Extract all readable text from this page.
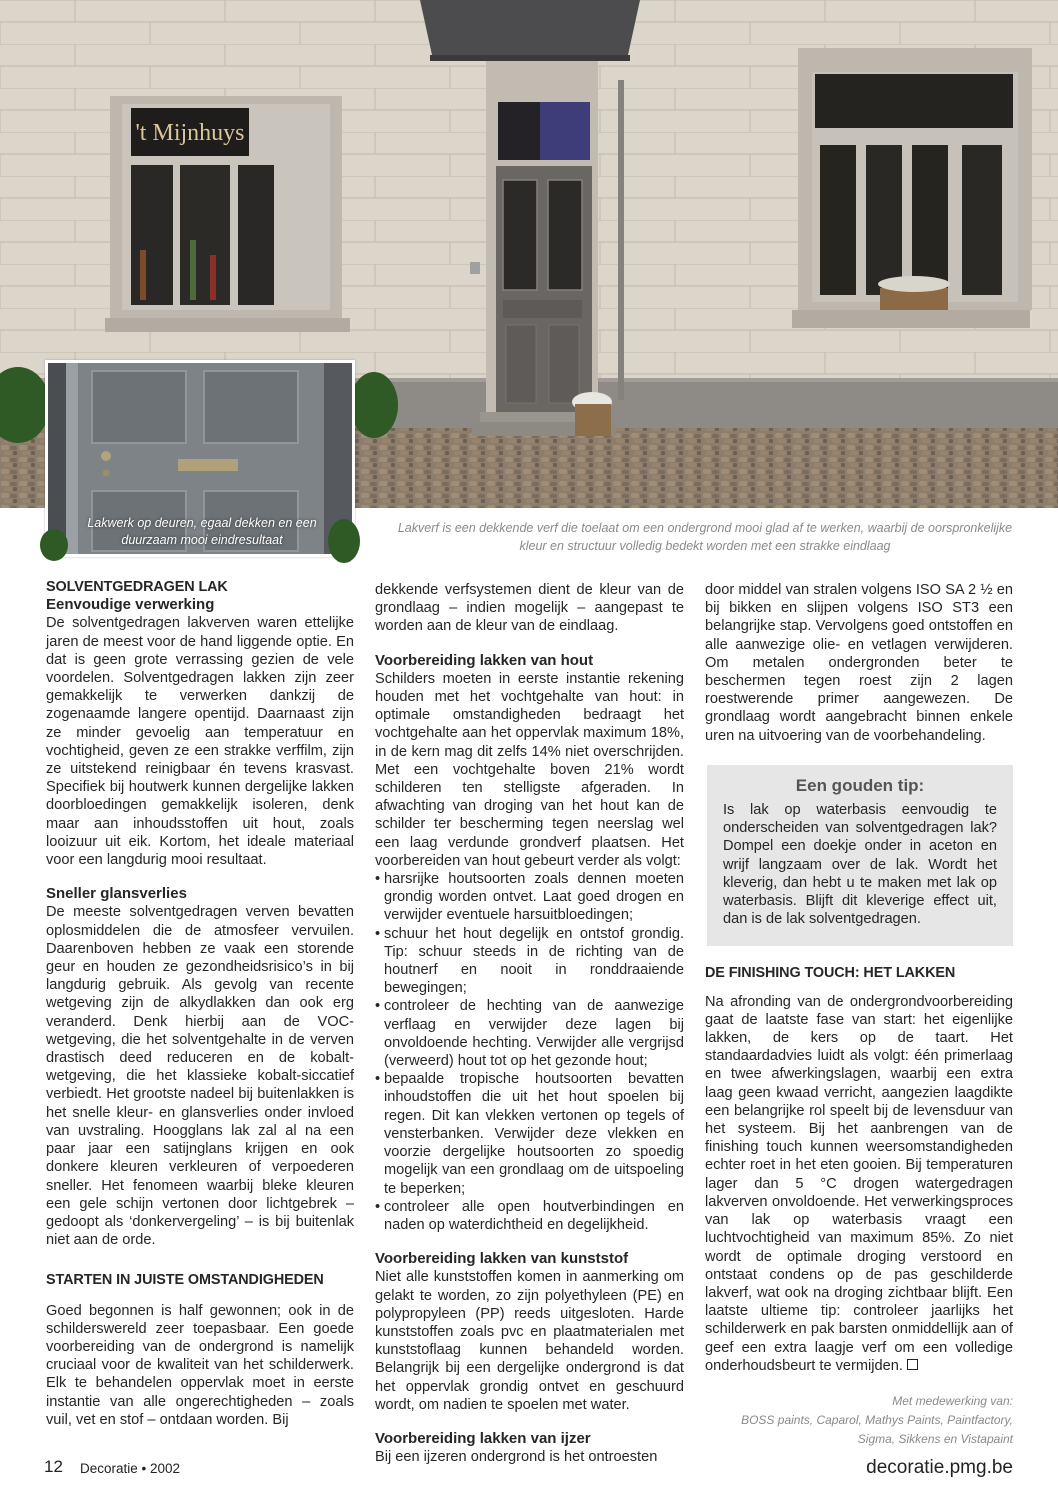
't Mijnhuys
Lakwerk op deuren, egaal dekken en een duurzaam mooi eindresultaat
Lakverf is een dekkende verf die toelaat om een ondergrond mooi glad af te werken, waarbij de oorspronkelijke kleur en structuur volledig bedekt worden met een strakke eindlaag

SOLVENTGEDRAGEN LAK

Eenvoudige verwerking

De solventgedragen lakverven waren ettelijke jaren de meest voor de hand liggende optie. En dat is geen grote verrassing gezien de vele voordelen. Solventgedragen lakken zijn zeer gemakkelijk te verwerken dankzij de zogenaamde langere opentijd. Daarnaast zijn ze minder gevoelig aan temperatuur en vochtigheid, geven ze een strakke verffilm, zijn ze uitstekend reinigbaar én tevens krasvast. Specifiek bij houtwerk kunnen dergelijke lakken doorbloedingen gemakkelijk isoleren, denk maar aan inhoudsstoffen uit hout, zoals looizuur uit eik. Kortom, het ideale materiaal voor een langdurig mooi resultaat.

Sneller glansverlies

De meeste solventgedragen verven bevatten oplosmiddelen die de atmosfeer vervuilen. Daarenboven hebben ze vaak een storende geur en houden ze gezondheidsrisico’s in bij langdurig gebruik. Als gevolg van recente wetgeving zijn de alkydlakken dan ook erg veranderd. Denk hierbij aan de VOC-wetgeving, die het solventgehalte in de verven drastisch deed reduceren en de kobalt-wetgeving, die het klassieke kobalt-siccatief verbiedt. Het grootste nadeel bij buitenlakken is het snelle kleur- en glansverlies onder invloed van uvstraling. Hoogglans lak zal al na een paar jaar een satijnglans krijgen en ook donkere kleuren verkleuren of verpoederen sneller. Het fenomeen waarbij bleke kleuren een gele schijn vertonen door lichtgebrek – gedoopt als ‘donkervergeling’ – is bij buitenlak niet aan de orde.

STARTEN IN JUISTE OMSTANDIGHEDEN

Goed begonnen is half gewonnen; ook in de schilderswereld zeer toepasbaar. Een goede voorbereiding van de ondergrond is namelijk cruciaal voor de kwaliteit van het schilderwerk. Elk te behandelen oppervlak moet in eerste instantie van alle ongerechtigheden – zoals vuil, vet en stof – ontdaan worden. Bij

dekkende verfsystemen dient de kleur van de grondlaag – indien mogelijk – aangepast te worden aan de kleur van de eindlaag.

Voorbereiding lakken van hout

Schilders moeten in eerste instantie rekening houden met het vochtgehalte van hout: in optimale omstandigheden bedraagt het vochtgehalte aan het oppervlak maximum 18%, in de kern mag dit zelfs 14% niet overschrijden. Met een vochtgehalte boven 21% wordt schilderen ten stelligste afgeraden. In afwachting van droging van het hout kan de schilder ter bescherming tegen neerslag wel een laag verdunde grondverf plaatsen. Het voorbereiden van hout gebeurt verder als volgt:

• harsrijke houtsoorten zoals dennen moeten grondig worden ontvet. Laat goed drogen en verwijder eventuele harsuitbloedingen;

• schuur het hout degelijk en ontstof grondig. Tip: schuur steeds in de richting van de houtnerf en nooit in ronddraaiende bewegingen;

• controleer de hechting van de aanwezige verflaag en verwijder deze lagen bij onvoldoende hechting. Verwijder alle vergrijsd (verweerd) hout tot op het gezonde hout;

• bepaalde tropische houtsoorten bevatten inhoudstoffen die uit het hout spoelen bij regen. Dit kan vlekken vertonen op tegels of vensterbanken. Verwijder deze vlekken en voorzie dergelijke houtsoorten zo spoedig mogelijk van een grondlaag om de uitspoeling te beperken;

• controleer alle open houtverbindingen en naden op waterdichtheid en degelijkheid.

Voorbereiding lakken van kunststof

Niet alle kunststoffen komen in aanmerking om gelakt te worden, zo zijn polyethyleen (PE) en polypropyleen (PP) reeds uitgesloten. Harde kunststoffen zoals pvc en plaatmaterialen met kunststoflaag kunnen behandeld worden. Belangrijk bij een dergelijke ondergrond is dat het oppervlak grondig ontvet en geschuurd wordt, om nadien te spoelen met water.

Voorbereiding lakken van ijzer

Bij een ijzeren ondergrond is het ontroesten

door middel van stralen volgens ISO SA 2 ½ en bij bikken en slijpen volgens ISO ST3 een belangrijke stap. Vervolgens goed ontstoffen en alle aanwezige olie- en vetlagen verwijderen. Om metalen ondergronden beter te beschermen tegen roest zijn 2 lagen roestwerende primer aangewezen. De grondlaag wordt aangebracht binnen enkele uren na uitvoering van de voorbehandeling.

Een gouden tip:

Is lak op waterbasis eenvoudig te onderscheiden van solventgedragen lak? Dompel een doekje onder in aceton en wrijf langzaam over de lak. Wordt het kleverig, dan hebt u te maken met lak op waterbasis. Blijft dit kleverige effect uit, dan is de lak solventgedragen.

DE FINISHING TOUCH: HET LAKKEN

Na afronding van de ondergrondvoorbereiding gaat de laatste fase van start: het eigenlijke lakken, de kers op de taart. Het standaardadvies luidt als volgt: één primerlaag en twee afwerkingslagen, waarbij een extra laag geen kwaad verricht, aangezien laagdikte een belangrijke rol speelt bij de levensduur van het systeem. Bij het aanbrengen van de finishing touch kunnen weersomstandigheden echter roet in het eten gooien. Bij temperaturen lager dan 5 °C drogen watergedragen lakverven onvoldoende. Het verwerkingsproces van lak op waterbasis vraagt een luchtvochtigheid van maximum 85%. Zo niet wordt de optimale droging verstoord en ontstaat condens op de pas geschilderde lakverf, wat ook na droging zichtbaar blijft. Een laatste ultieme tip: controleer jaarlijks het schilderwerk en pak barsten onmiddellijk aan of geef een extra laagje verf om een volledige onderhoudsbeurt te vermijden.

Met medewerking van:
BOSS paints, Caparol, Mathys Paints, Paintfactory,
Sigma, Sikkens en Vistapaint
12 Decoratie • 2002	decoratie.pmg.be
